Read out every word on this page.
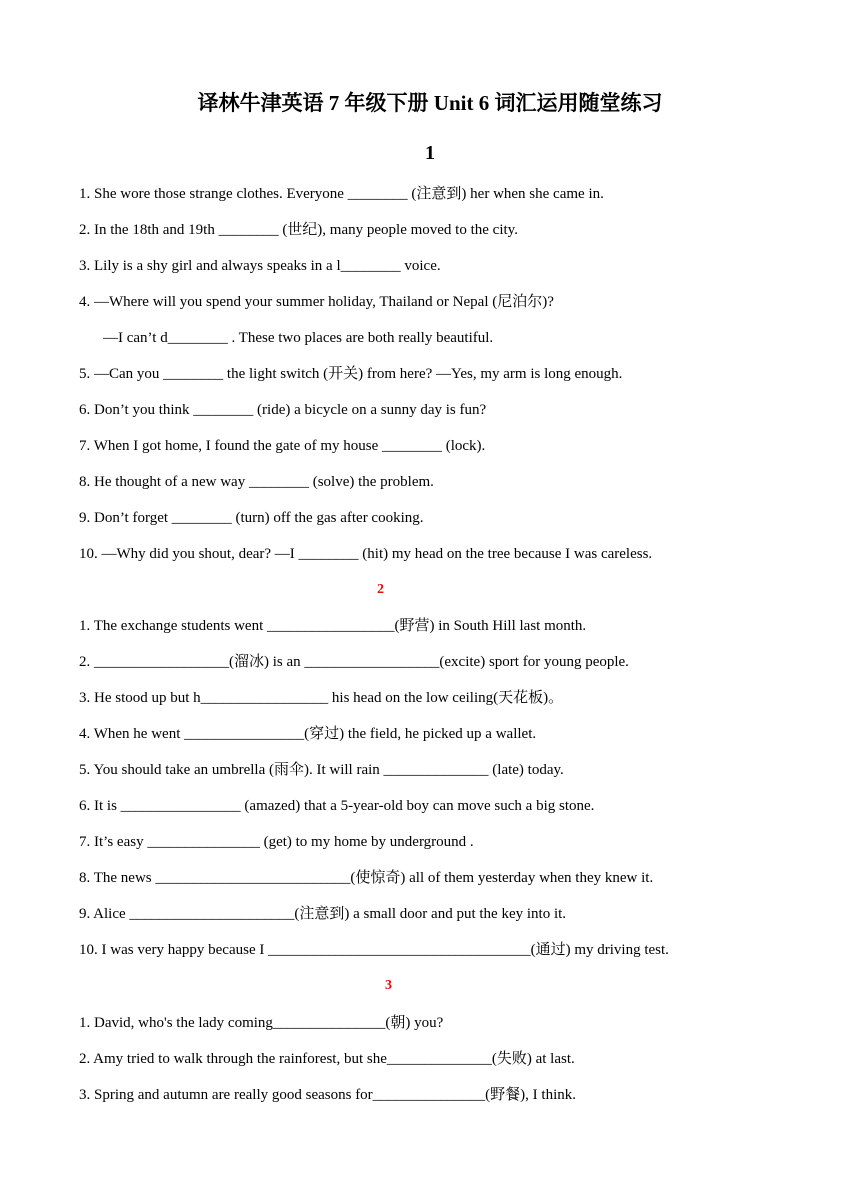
译林牛津英语 7 年级下册 Unit 6 词汇运用随堂练习
1
1. She wore those strange clothes. Everyone ________ (注意到) her when she came in.
2. In the 18th and 19th ________ (世纪), many people moved to the city.
3. Lily is a shy girl and always speaks in a l________ voice.
4. —Where will you spend your summer holiday, Thailand or Nepal (尼泊尔)?
—I can’t d________ . These two places are both really beautiful.
5. —Can you ________ the light switch (开关) from here? —Yes, my arm is long enough.
6. Don’t you think ________ (ride) a bicycle on a sunny day is fun?
7. When I got home, I found the gate of my house ________ (lock).
8. He thought of a new way ________ (solve) the problem.
9. Don’t forget ________ (turn) off the gas after cooking.
10. —Why did you shout, dear? —I ________ (hit) my head on the tree because I was careless.
2
1. The exchange students went _________________(野营) in South Hill last month.
2. __________________(溜冰) is an __________________(excite) sport for young people.
3. He stood up but h_________________ his head on the low ceiling(天花板)。
4. When he went ________________(穿过) the field, he picked up a wallet.
5. You should take an umbrella (雨伞). It will rain ______________ (late) today.
6. It is ________________ (amazed) that a 5-year-old boy can move such a big stone.
7. It’s easy _______________ (get) to my home by underground .
8. The news __________________________(使惊奇) all of them yesterday when they knew it.
9. Alice ______________________(注意到) a small door and put the key into it.
10. I was very happy because I ___________________________________(通过) my driving test.
3
1. David, who's the lady coming_______________(朝) you?
2. Amy tried to walk through the rainforest, but she______________(失败) at last.
3. Spring and autumn are really good seasons for_______________(野餐), I think.
